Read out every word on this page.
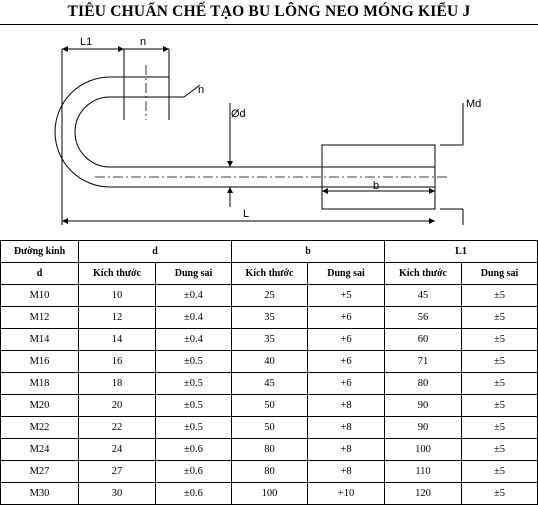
TIÊU CHUẨN CHẾ TẠO BU LÔNG NEO MÓNG KIỂU J
L1	n
n
Ød
Md
b
L
Đường kính	d		b		L1	
d	Kích thước	Dung sai	Kích thước	Dung sai	Kích thước	Dung sai
M10	10	±0.4	25	+5	45	±5
M12	12	±0.4	35	+6	56	±5
M14	14	±0.4	35	+6	60	±5
M16	16	±0.5	40	+6	71	±5
M18	18	±0.5	45	+6	80	±5
M20	20	±0.5	50	+8	90	±5
M22	22	±0.5	50	+8	90	±5
M24	24	±0.6	80	+8	100	±5
M27	27	±0.6	80	+8	110	±5
M30	30	±0.6	100	+10	120	±5
